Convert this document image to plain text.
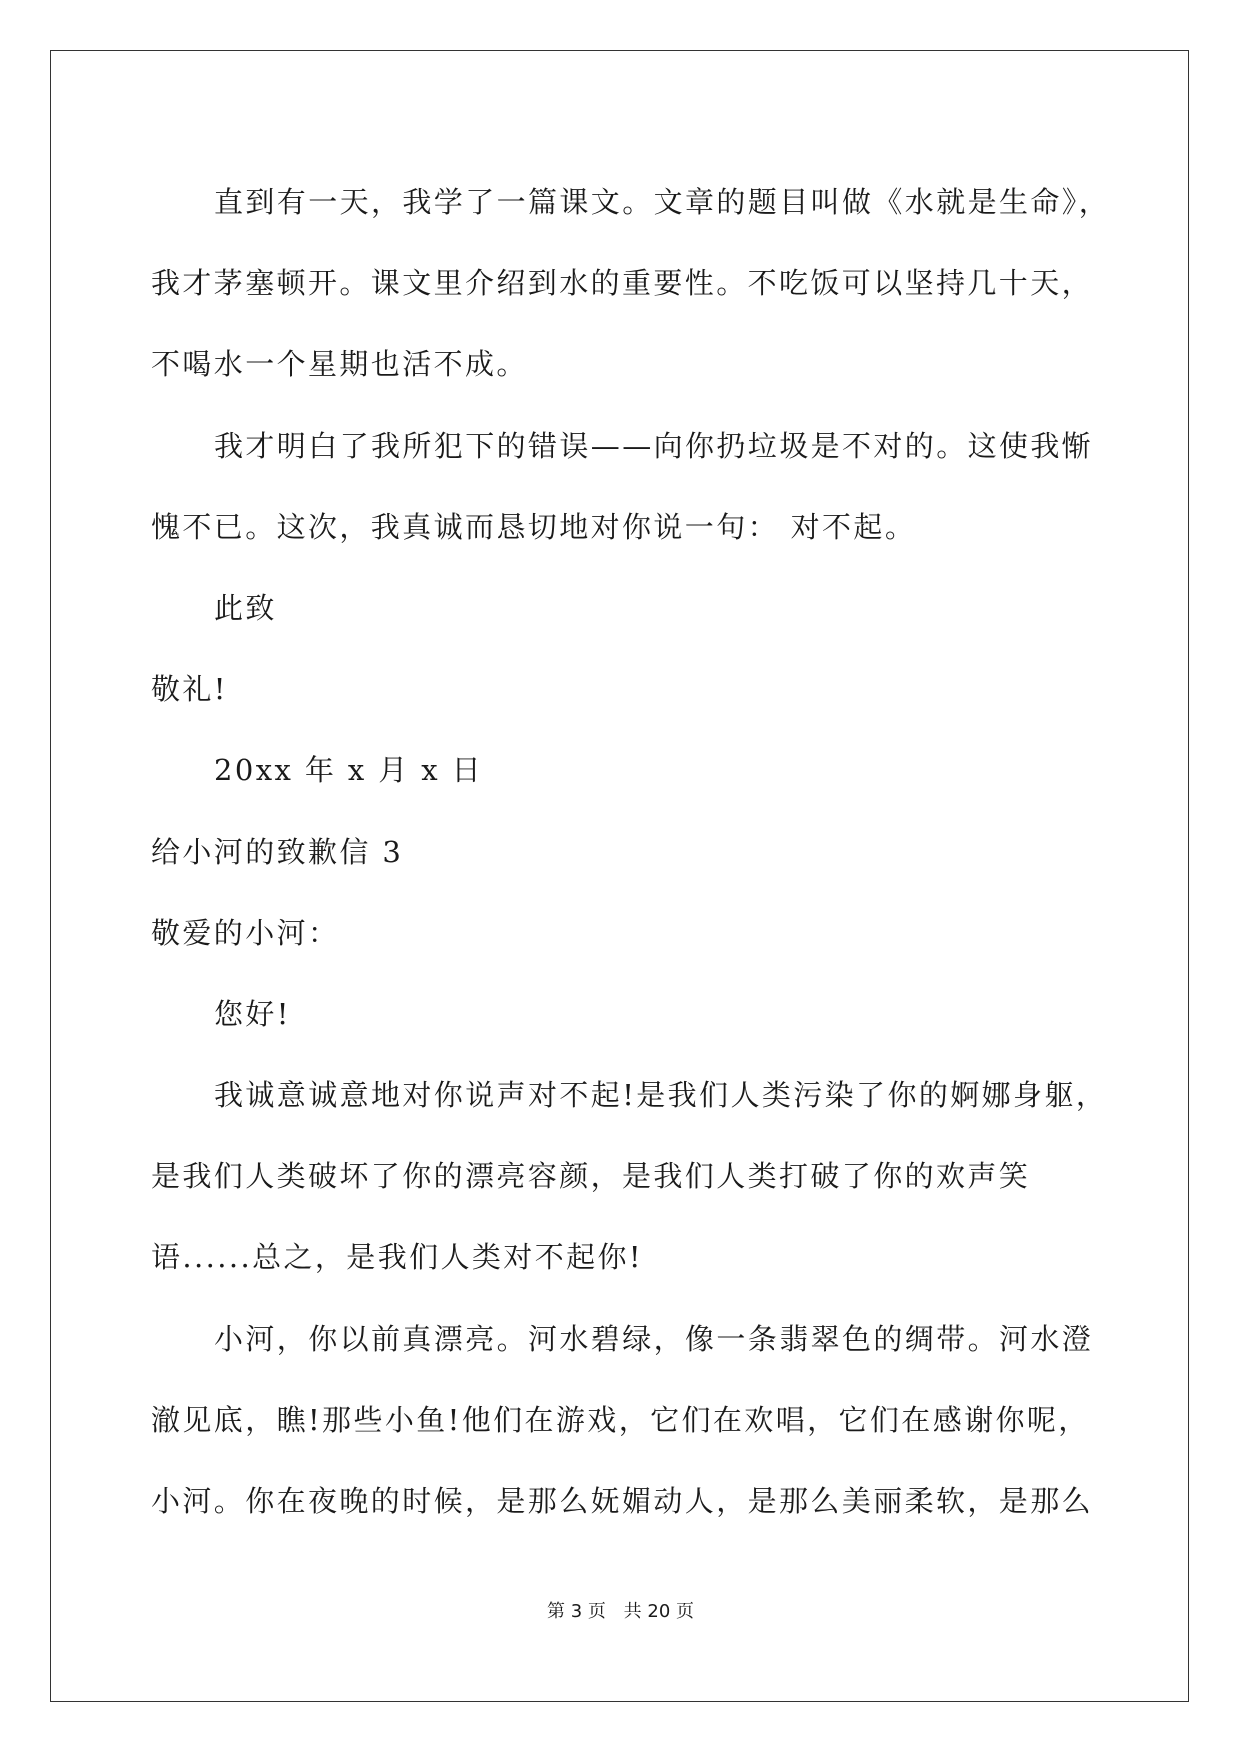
直到有一天，我学了一篇课文。文章的题目叫做《水就是生命》，
我才茅塞顿开。课文里介绍到水的重要性。不吃饭可以坚持几十天，
不喝水一个星期也活不成。
我才明白了我所犯下的错误——向你扔垃圾是不对的。这使我惭
愧不已。这次，我真诚而恳切地对你说一句： 对不起。
此致
敬礼!
20xx 年 x 月 x 日
给小河的致歉信 3
敬爱的小河：
您好!
我诚意诚意地对你说声对不起!是我们人类污染了你的婀娜身躯，
是我们人类破坏了你的漂亮容颜，是我们人类打破了你的欢声笑
语......总之，是我们人类对不起你!
小河，你以前真漂亮。河水碧绿，像一条翡翠色的绸带。河水澄
澈见底，瞧!那些小鱼!他们在游戏，它们在欢唱，它们在感谢你呢，
小河。你在夜晚的时候，是那么妩媚动人，是那么美丽柔软，是那么
第 3 页 共 20 页
